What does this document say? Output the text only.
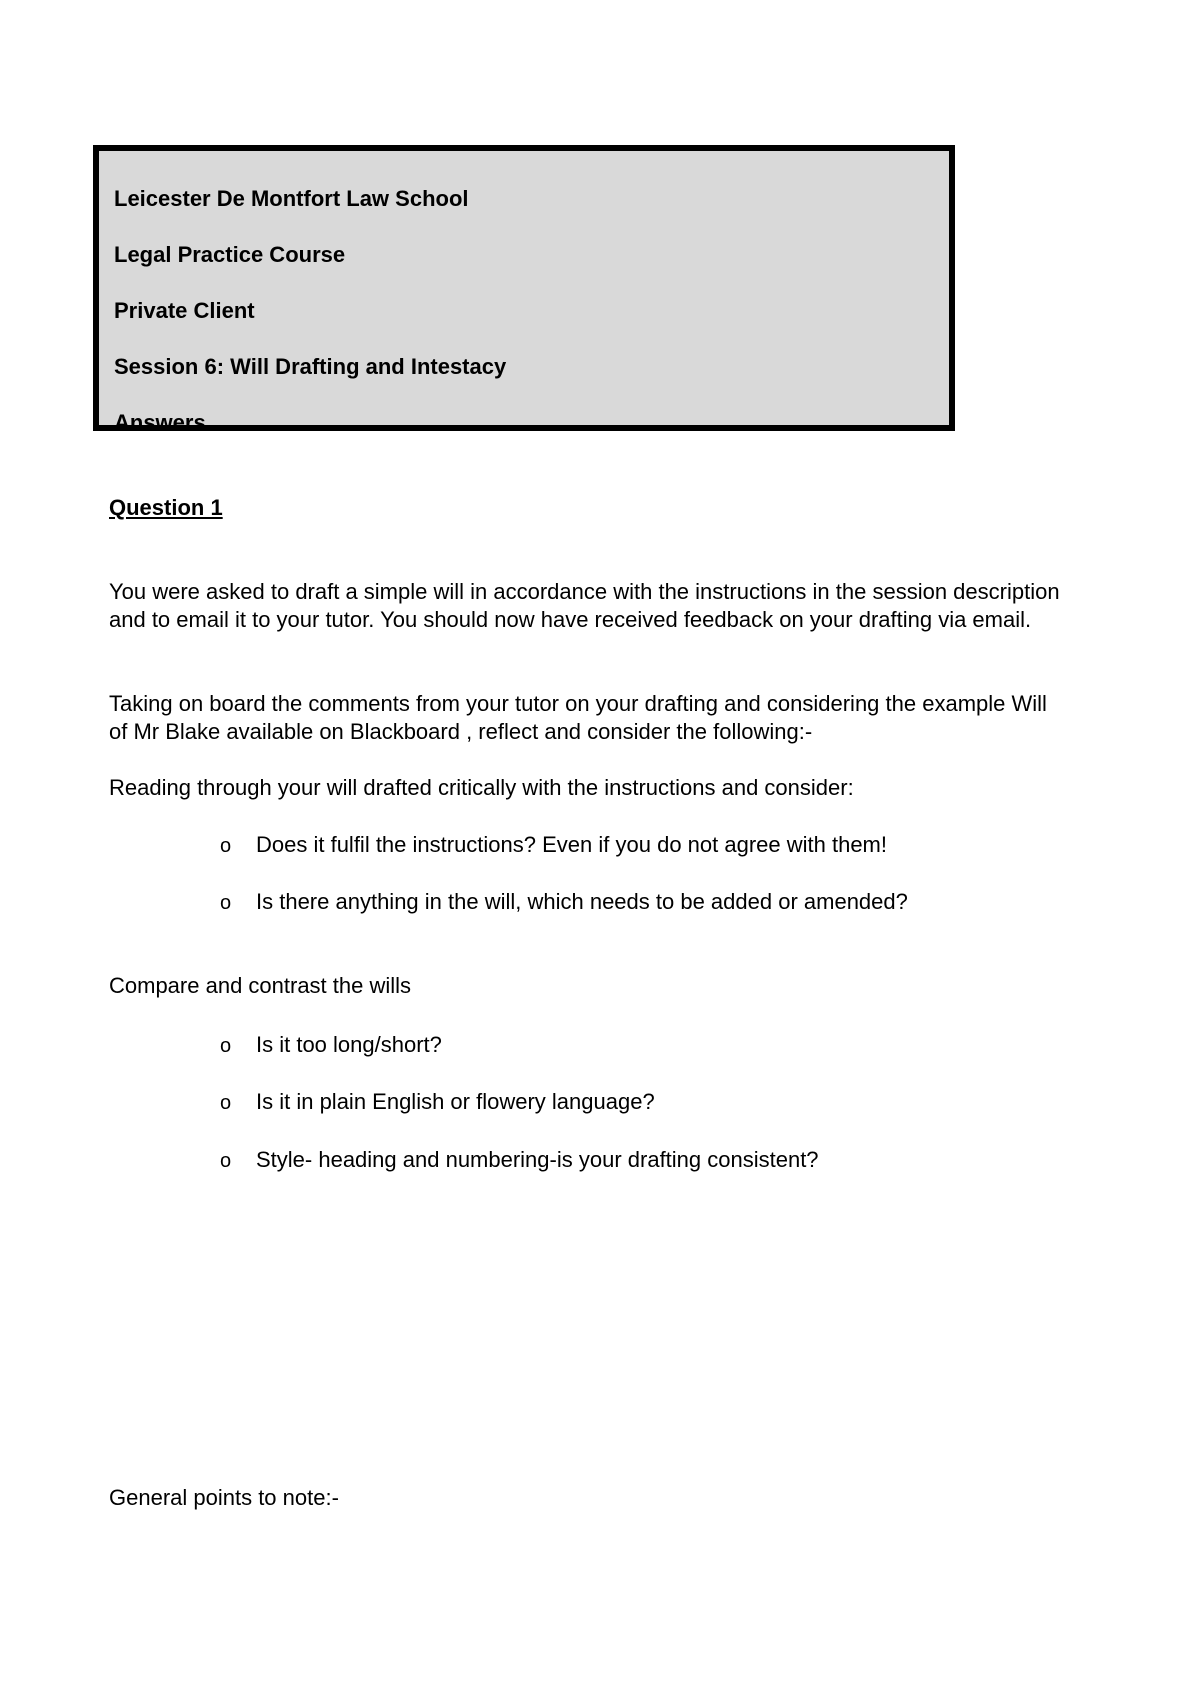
Leicester De Montfort Law School
Legal Practice Course
Private Client
Session 6: Will Drafting and Intestacy
Answers
Question 1
You were asked to draft a simple will in accordance with the instructions in the session description and to email it to your tutor. You should now have received feedback on your drafting via email.
Taking on board the comments from your tutor on your drafting and considering the example Will of Mr Blake available on Blackboard , reflect and consider the following:-
Reading through your will drafted critically with the instructions and consider:
o Does it fulfil the instructions? Even if you do not agree with them!
o Is there anything in the will, which needs to be added or amended?
Compare and contrast the wills
o Is it too long/short?
o Is it in plain English or flowery language?
o Style- heading and numbering-is your drafting consistent?
General points to note:-
